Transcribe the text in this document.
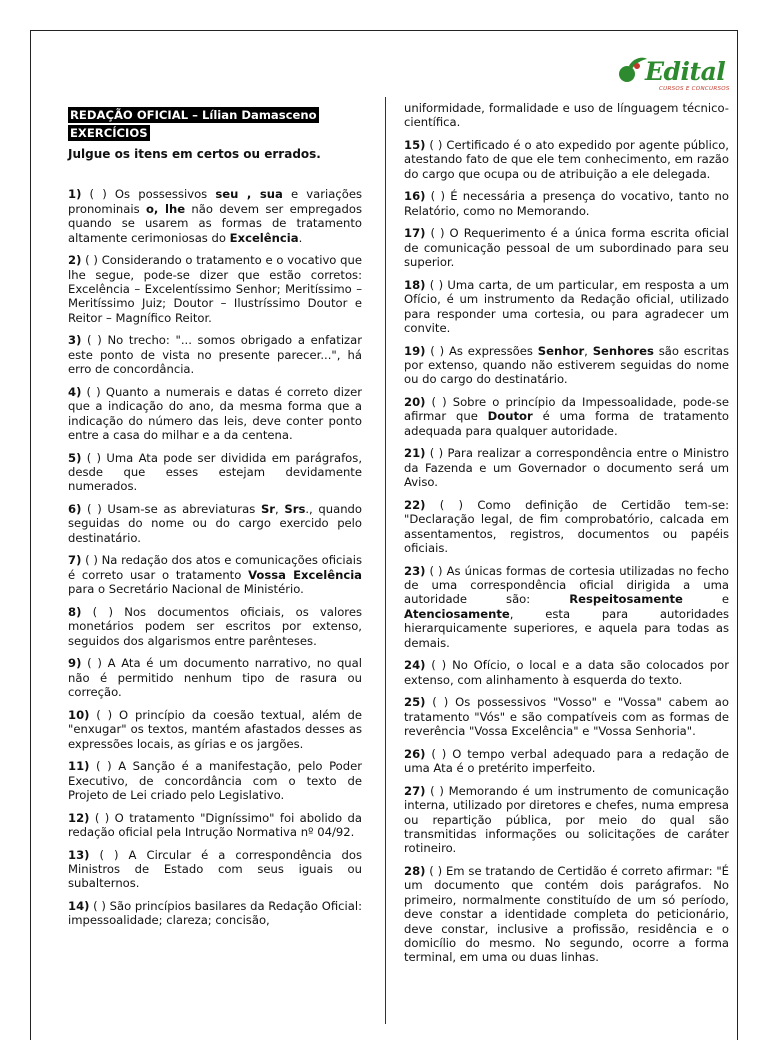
Edital
CURSOS E CONCURSOS
REDAÇÃO OFICIAL – Lílian Damasceno
EXERCÍCIOS
Julgue os itens em certos ou errados.
1) ( ) Os possessivos seu , sua e variações pronominais o, lhe não devem ser empregados quando se usarem as formas de tratamento altamente cerimoniosas do Excelência.
2) ( ) Considerando o tratamento e o vocativo que lhe segue, pode-se dizer que estão corretos: Excelência – Excelentíssimo Senhor; Meritíssimo – Meritíssimo Juiz; Doutor – Ilustríssimo Doutor e Reitor – Magnífico Reitor.
3) ( ) No trecho: "... somos obrigado a enfatizar este ponto de vista no presente parecer...", há erro de concordância.
4) ( ) Quanto a numerais e datas é correto dizer que a indicação do ano, da mesma forma que a indicação do número das leis, deve conter ponto entre a casa do milhar e a da centena.
5) ( ) Uma Ata pode ser dividida em parágrafos, desde que esses estejam devidamente numerados.
6) ( ) Usam-se as abreviaturas Sr, Srs., quando seguidas do nome ou do cargo exercido pelo destinatário.
7) ( ) Na redação dos atos e comunicações oficiais é correto usar o tratamento Vossa Excelência para o Secretário Nacional de Ministério.
8) ( ) Nos documentos oficiais, os valores monetários podem ser escritos por extenso, seguidos dos algarismos entre parênteses.
9) ( ) A Ata é um documento narrativo, no qual não é permitido nenhum tipo de rasura ou correção.
10) ( ) O princípio da coesão textual, além de "enxugar" os textos, mantém afastados desses as expressões locais, as gírias e os jargões.
11) ( ) A Sanção é a manifestação, pelo Poder Executivo, de concordância com o texto de Projeto de Lei criado pelo Legislativo.
12) ( ) O tratamento "Digníssimo" foi abolido da redação oficial pela Intrução Normativa nº 04/92.
13) ( ) A Circular é a correspondência dos Ministros de Estado com seus iguais ou subalternos.
14) ( ) São princípios basilares da Redação Oficial: impessoalidade; clareza; concisão,
uniformidade, formalidade e uso de línguagem técnico-científica.
15) ( ) Certificado é o ato expedido por agente público, atestando fato de que ele tem conhecimento, em razão do cargo que ocupa ou de atribuição a ele delegada.
16) ( ) É necessária a presença do vocativo, tanto no Relatório, como no Memorando.
17) ( ) O Requerimento é a única forma escrita oficial de comunicação pessoal de um subordinado para seu superior.
18) ( ) Uma carta, de um particular, em resposta a um Ofício, é um instrumento da Redação oficial, utilizado para responder uma cortesia, ou para agradecer um convite.
19) ( ) As expressões Senhor, Senhores são escritas por extenso, quando não estiverem seguidas do nome ou do cargo do destinatário.
20) ( ) Sobre o princípio da Impessoalidade, pode-se afirmar que Doutor é uma forma de tratamento adequada para qualquer autoridade.
21) ( ) Para realizar a correspondência entre o Ministro da Fazenda e um Governador o documento será um Aviso.
22) ( ) Como definição de Certidão tem-se: "Declaração legal, de fim comprobatório, calcada em assentamentos, registros, documentos ou papéis oficiais.
23) ( ) As únicas formas de cortesia utilizadas no fecho de uma correspondência oficial dirigida a uma autoridade são: Respeitosamente e Atenciosamente, esta para autoridades hierarquicamente superiores, e aquela para todas as demais.
24) ( ) No Ofício, o local e a data são colocados por extenso, com alinhamento à esquerda do texto.
25) ( ) Os possessivos "Vosso" e "Vossa" cabem ao tratamento "Vós" e são compatíveis com as formas de reverência "Vossa Excelência" e "Vossa Senhoria".
26) ( ) O tempo verbal adequado para a redação de uma Ata é o pretérito imperfeito.
27) ( ) Memorando é um instrumento de comunicação interna, utilizado por diretores e chefes, numa empresa ou repartição pública, por meio do qual são transmitidas informações ou solicitações de caráter rotineiro.
28) ( ) Em se tratando de Certidão é correto afirmar: "É um documento que contém dois parágrafos. No primeiro, normalmente constituído de um só período, deve constar a identidade completa do peticionário, deve constar, inclusive a profissão, residência e o domicílio do mesmo. No segundo, ocorre a forma terminal, em uma ou duas linhas.
